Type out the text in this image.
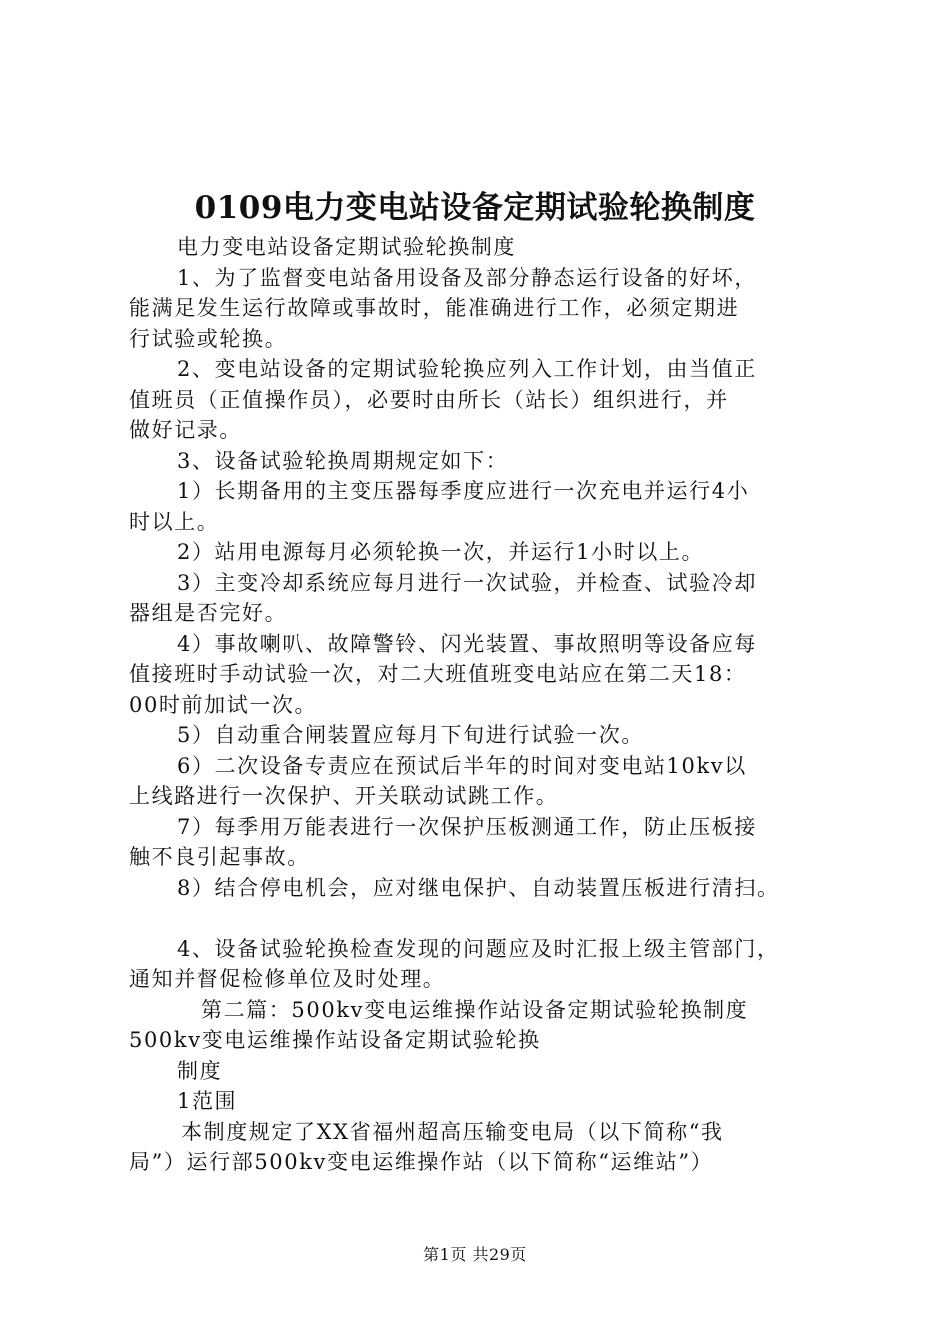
0109电力变电站设备定期试验轮换制度

电力变电站设备定期试验轮换制度

1、为了监督变电站备用设备及部分静态运行设备的好坏，

能满足发生运行故障或事故时，能准确进行工作，必须定期进

行试验或轮换。

2、变电站设备的定期试验轮换应列入工作计划，由当值正

值班员（正值操作员），必要时由所长（站长）组织进行，并

做好记录。

3、设备试验轮换周期规定如下：

1）长期备用的主变压器每季度应进行一次充电并运行4小

时以上。

2）站用电源每月必须轮换一次，并运行1小时以上。

3）主变冷却系统应每月进行一次试验，并检查、试验冷却

器组是否完好。

4）事故喇叭、故障警铃、闪光装置、事故照明等设备应每

值接班时手动试验一次，对二大班值班变电站应在第二天18：

00时前加试一次。

5）自动重合闸装置应每月下旬进行试验一次。

6）二次设备专责应在预试后半年的时间对变电站10kv以

上线路进行一次保护、开关联动试跳工作。

7）每季用万能表进行一次保护压板测通工作，防止压板接

触不良引起事故。

8）结合停电机会，应对继电保护、自动装置压板进行清扫。

4、设备试验轮换检查发现的问题应及时汇报上级主管部门，

通知并督促检修单位及时处理。

第二篇：500kv变电运维操作站设备定期试验轮换制度

500kv变电运维操作站设备定期试验轮换

制度

1范围

本制度规定了XX省福州超高压输变电局（以下简称“我

局”）运行部500kv变电运维操作站（以下简称“运维站”）

第1页 共29页
